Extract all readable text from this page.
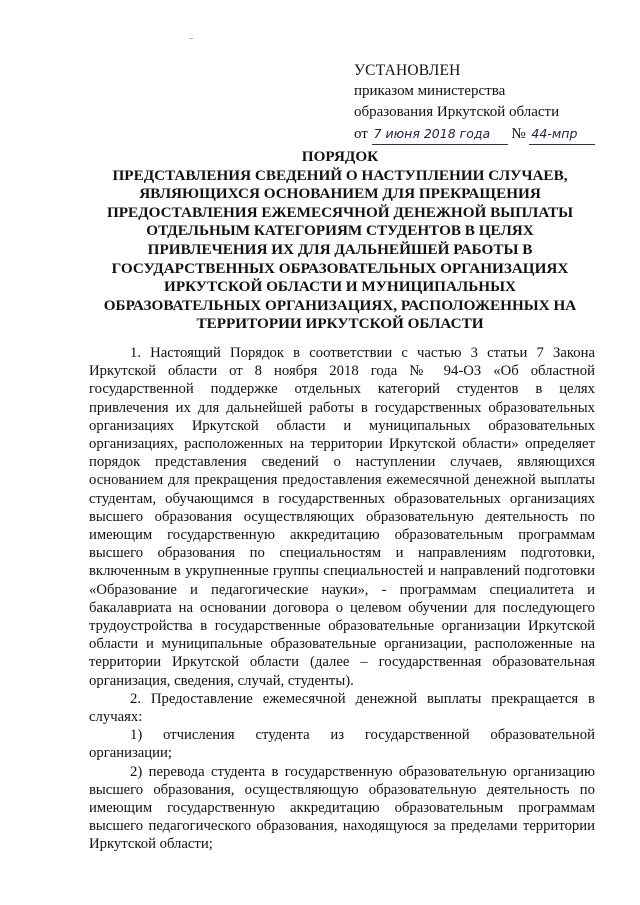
УСТАНОВЛЕН
приказом министерства
образования Иркутской области
от 7 июня 2018 года № 44-мпр
ПОРЯДОК
ПРЕДСТАВЛЕНИЯ СВЕДЕНИЙ О НАСТУПЛЕНИИ СЛУЧАЕВ,
ЯВЛЯЮЩИХСЯ ОСНОВАНИЕМ ДЛЯ ПРЕКРАЩЕНИЯ
ПРЕДОСТАВЛЕНИЯ ЕЖЕМЕСЯЧНОЙ ДЕНЕЖНОЙ ВЫПЛАТЫ
ОТДЕЛЬНЫМ КАТЕГОРИЯМ СТУДЕНТОВ В ЦЕЛЯХ
ПРИВЛЕЧЕНИЯ ИХ ДЛЯ ДАЛЬНЕЙШЕЙ РАБОТЫ В
ГОСУДАРСТВЕННЫХ ОБРАЗОВАТЕЛЬНЫХ ОРГАНИЗАЦИЯХ
ИРКУТСКОЙ ОБЛАСТИ И МУНИЦИПАЛЬНЫХ
ОБРАЗОВАТЕЛЬНЫХ ОРГАНИЗАЦИЯХ, РАСПОЛОЖЕННЫХ НА
ТЕРРИТОРИИ ИРКУТСКОЙ ОБЛАСТИ

1. Настоящий Порядок в соответствии с частью 3 статьи 7 Закона Иркутской области от 8 ноября 2018 года № 94-ОЗ «Об областной государственной поддержке отдельных категорий студентов в целях привлечения их для дальнейшей работы в государственных образовательных организациях Иркутской области и муниципальных образовательных организациях, расположенных на территории Иркутской области» определяет порядок представления сведений о наступлении случаев, являющихся основанием для прекращения предоставления ежемесячной денежной выплаты студентам, обучающимся в государственных образовательных организациях высшего образования осуществляющих образовательную деятельность по имеющим государственную аккредитацию образовательным программам высшего образования по специальностям и направлениям подготовки, включенным в укрупненные группы специальностей и направлений подготовки «Образование и педагогические науки», - программам специалитета и бакалавриата на основании договора о целевом обучении для последующего трудоустройства в государственные образовательные организации Иркутской области и муниципальные образовательные организации, расположенные на территории Иркутской области (далее – государственная образовательная организация, сведения, случай, студенты).

2. Предоставление ежемесячной денежной выплаты прекращается в случаях:

1) отчисления студента из государственной образовательной организации;

2) перевода студента в государственную образовательную организацию высшего образования, осуществляющую образовательную деятельность по имеющим государственную аккредитацию образовательным программам высшего педагогического образования, находящуюся за пределами территории Иркутской области;
